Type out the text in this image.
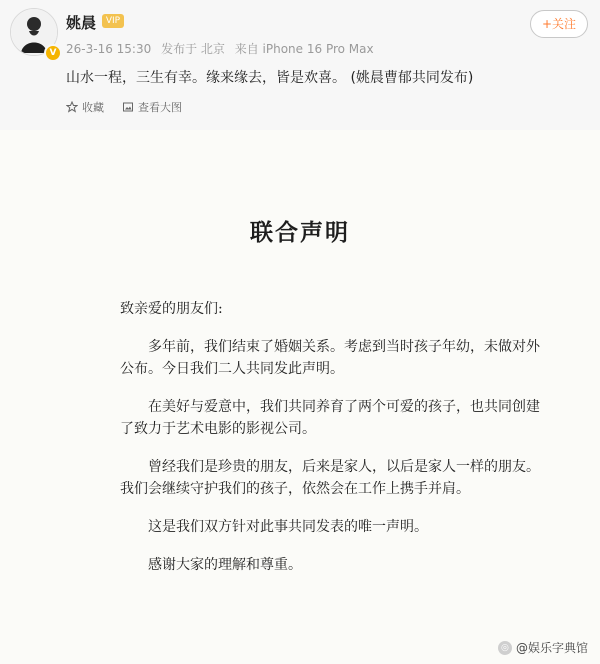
V
姚晨	VIP
26-3-16 15:30 发布于 北京 来自 iPhone 16 Pro Max
+关注
山水一程，三生有幸。缘来缘去，皆是欢喜。 (姚晨曹郁共同发布)
收藏	查看大图
联合声明

致亲爱的朋友们:

多年前，我们结束了婚姻关系。考虑到当时孩子年幼，未做对外公布。今日我们二人共同发此声明。

在美好与爱意中，我们共同养育了两个可爱的孩子，也共同创建了致力于艺术电影的影视公司。

曾经我们是珍贵的朋友，后来是家人，以后是家人一样的朋友。我们会继续守护我们的孩子，依然会在工作上携手并肩。

这是我们双方针对此事共同发表的唯一声明。

感谢大家的理解和尊重。

◎ @娱乐字典馆
